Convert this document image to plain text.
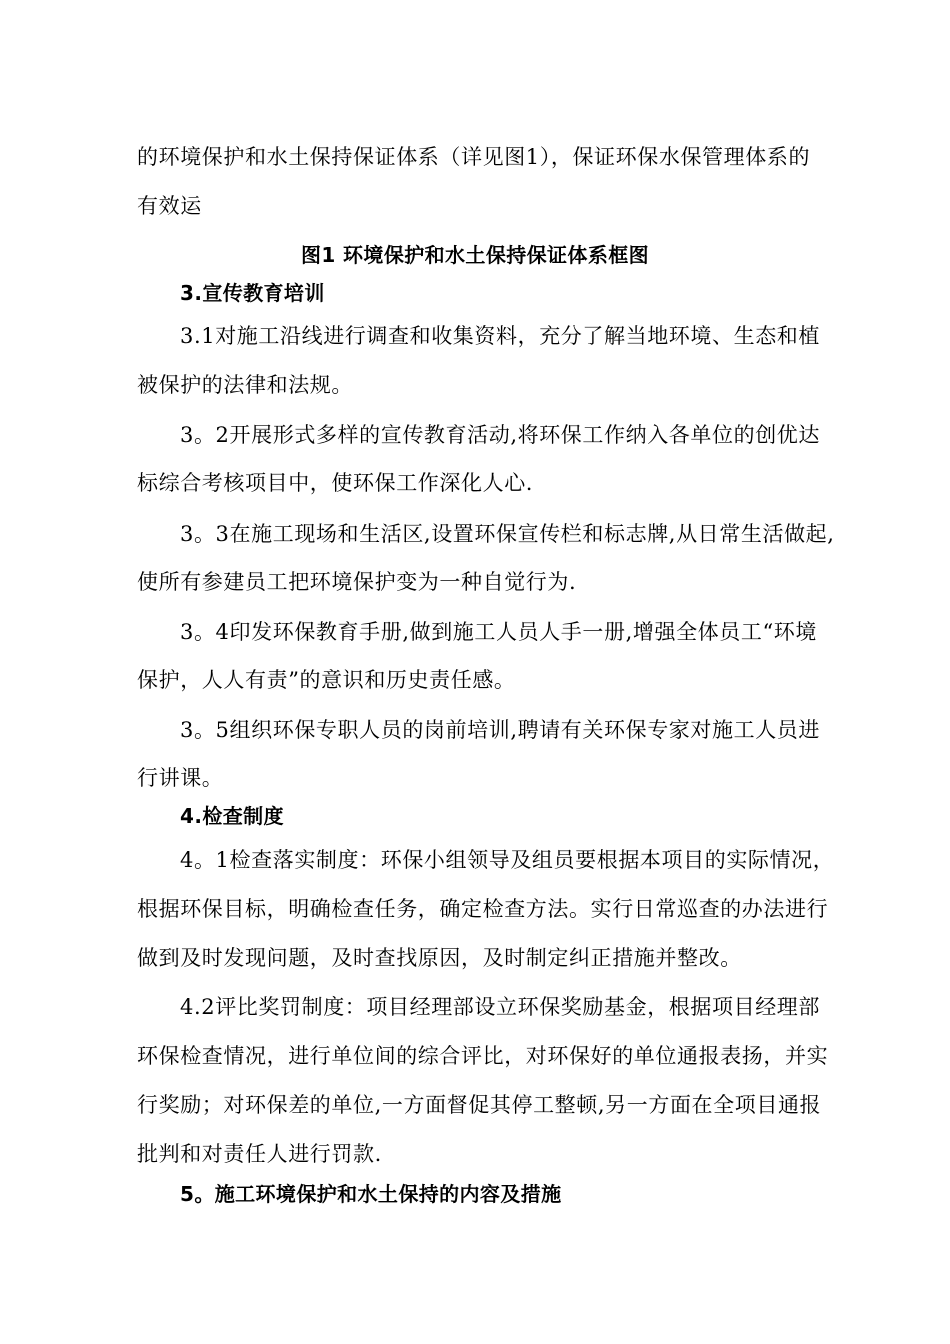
的环境保护和水土保持保证体系（详见图1），保证环保水保管理体系的
有效运
图1 环境保护和水土保持保证体系框图
3.宣传教育培训
3.1对施工沿线进行调查和收集资料，充分了解当地环境、生态和植
被保护的法律和法规。
3。2开展形式多样的宣传教育活动,将环保工作纳入各单位的创优达
标综合考核项目中，使环保工作深化人心.
3。3在施工现场和生活区,设置环保宣传栏和标志牌,从日常生活做起,
使所有参建员工把环境保护变为一种自觉行为.
3。4印发环保教育手册,做到施工人员人手一册,增强全体员工“环境
保护，人人有责”的意识和历史责任感。
3。5组织环保专职人员的岗前培训,聘请有关环保专家对施工人员进
行讲课。
4.检查制度
4。1检查落实制度：环保小组领导及组员要根据本项目的实际情况，
根据环保目标，明确检查任务，确定检查方法。实行日常巡查的办法进行
做到及时发现问题，及时查找原因，及时制定纠正措施并整改。
4.2评比奖罚制度：项目经理部设立环保奖励基金，根据项目经理部
环保检查情况，进行单位间的综合评比，对环保好的单位通报表扬，并实
行奖励；对环保差的单位,一方面督促其停工整顿,另一方面在全项目通报
批判和对责任人进行罚款.
5。施工环境保护和水土保持的内容及措施
